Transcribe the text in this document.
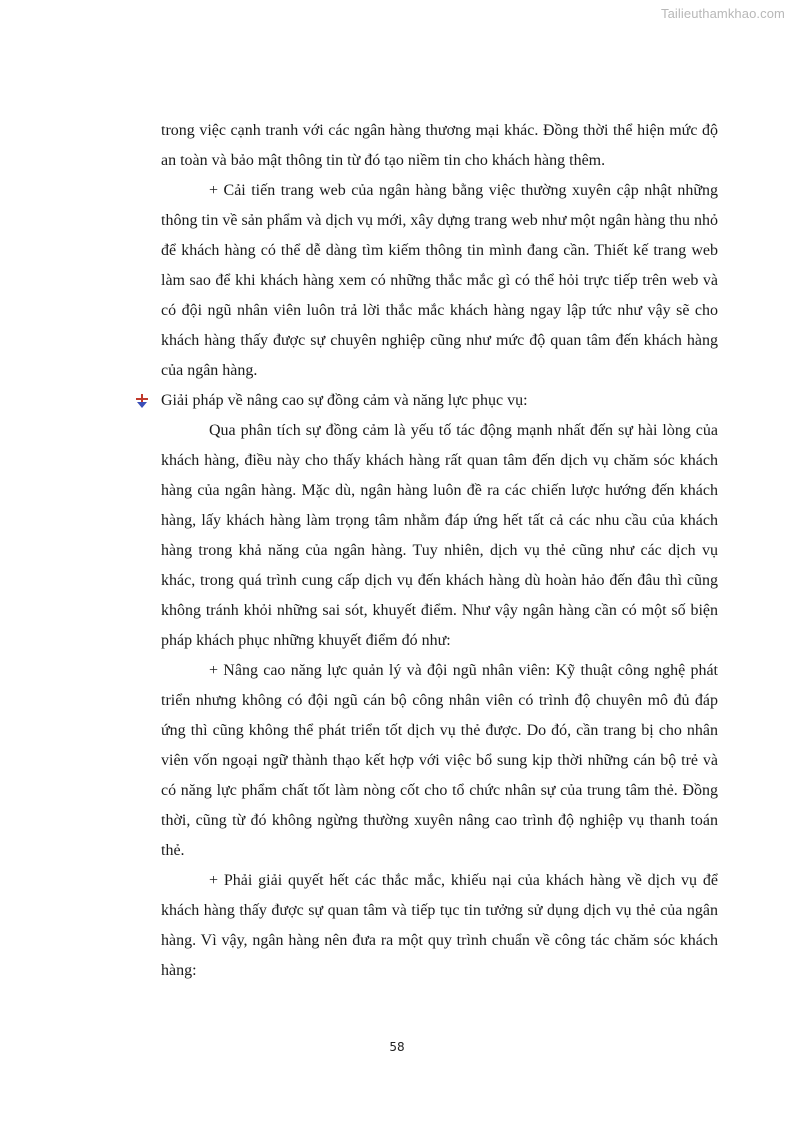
Tailieuthamkhao.com

trong việc cạnh tranh với các ngân hàng thương mại khác. Đồng thời thể hiện mức độ an toàn và bảo mật thông tin từ đó tạo niềm tin cho khách hàng thêm.

+ Cải tiến trang web của ngân hàng bằng việc thường xuyên cập nhật những thông tin về sản phẩm và dịch vụ mới, xây dựng trang web như một ngân hàng thu nhỏ để khách hàng có thể dễ dàng tìm kiếm thông tin mình đang cần. Thiết kế trang web làm sao để khi khách hàng xem có những thắc mắc gì có thể hỏi trực tiếp trên web và có đội ngũ nhân viên luôn trả lời thắc mắc khách hàng ngay lập tức như vậy sẽ cho khách hàng thấy được sự chuyên nghiệp cũng như mức độ quan tâm đến khách hàng của ngân hàng.

Giải pháp về nâng cao sự đồng cảm và năng lực phục vụ:

Qua phân tích sự đồng cảm là yếu tố tác động mạnh nhất đến sự hài lòng của khách hàng, điều này cho thấy khách hàng rất quan tâm đến dịch vụ chăm sóc khách hàng của ngân hàng. Mặc dù, ngân hàng luôn đề ra các chiến lược hướng đến khách hàng, lấy khách hàng làm trọng tâm nhằm đáp ứng hết tất cả các nhu cầu của khách hàng trong khả năng của ngân hàng. Tuy nhiên, dịch vụ thẻ cũng như các dịch vụ khác, trong quá trình cung cấp dịch vụ đến khách hàng dù hoàn hảo đến đâu thì cũng không tránh khỏi những sai sót, khuyết điểm. Như vậy ngân hàng cần có một số biện pháp khách phục những khuyết điểm đó như:

+ Nâng cao năng lực quản lý và đội ngũ nhân viên: Kỹ thuật công nghệ phát triển nhưng không có đội ngũ cán bộ công nhân viên có trình độ chuyên mô đủ đáp ứng thì cũng không thể phát triển tốt dịch vụ thẻ được. Do đó, cần trang bị cho nhân viên vốn ngoại ngữ thành thạo kết hợp với việc bổ sung kịp thời những cán bộ trẻ và có năng lực phẩm chất tốt làm nòng cốt cho tổ chức nhân sự của trung tâm thẻ. Đồng thời, cũng từ đó không ngừng thường xuyên nâng cao trình độ nghiệp vụ thanh toán thẻ.

+ Phải giải quyết hết các thắc mắc, khiếu nại của khách hàng về dịch vụ để khách hàng thấy được sự quan tâm và tiếp tục tin tưởng sử dụng dịch vụ thẻ của ngân hàng. Vì vậy, ngân hàng nên đưa ra một quy trình chuẩn về công tác chăm sóc khách hàng:

58
